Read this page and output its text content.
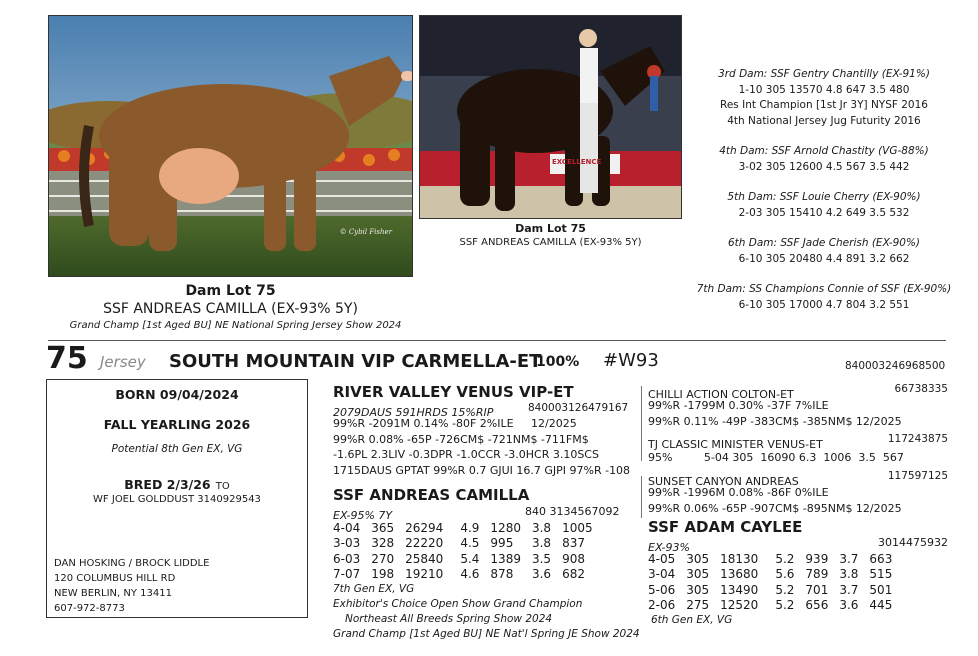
© Cybil Fisher
Dam Lot 75
SSF ANDREAS CAMILLA (EX-93% 5Y)
Grand Champ [1st Aged BU] NE National Spring Jersey Show 2024
EXCELLENCE
Dam Lot 75
SSF ANDREAS CAMILLA (EX-93% 5Y)
3rd Dam: SSF Gentry Chantilly (EX-91%)
1-10 305 13570 4.8 647 3.5 480
Res Int Champion [1st Jr 3Y] NYSF 2016
4th National Jersey Jug Futurity 2016
4th Dam: SSF Arnold Chastity (VG-88%)
3-02 305 12600 4.5 567 3.5 442
5th Dam: SSF Louie Cherry (EX-90%)
2-03 305 15410 4.2 649 3.5 532
6th Dam: SSF Jade Cherish (EX-90%)
6-10 305 20480 4.4 891 3.2 662
7th Dam: SS Champions Connie of SSF (EX-90%)
6-10 305 17000 4.7 804 3.2 551
75 Jersey SOUTH MOUNTAIN VIP CARMELLA-ET
100% #W93	840003246968500
BORN 09/04/2024
FALL YEARLING 2026
Potential 8th Gen EX, VG
BRED 2/3/26 TO
WF JOEL GOLDDUST 3140929543
DAN HOSKING / BROCK LIDDLE
120 COLUMBUS HILL RD
NEW BERLIN, NY 13411
607-972-8773
RIVER VALLEY VENUS VIP-ET
2079DAUS 591HRDS 15%RIP	840003126479167
99%R -2091M 0.14% -80F 2%ILE     12/2025
99%R 0.08% -65P -726CM$ -721NM$ -711FM$
-1.6PL 2.3LIV -0.3DPR -1.0CCR -3.0HCR 3.10SCS
1715DAUS GPTAT 99%R 0.7 GJUI 16.7 GJPI 97%R -108
SSF ANDREAS CAMILLA
EX-95% 7Y	840 3134567092
4-04	365	26294	4.9	1280	3.8	1005
3-03	328	22220	4.5	995	3.8	837
6-03	270	25840	5.4	1389	3.5	908
7-07	198	19210	4.6	878	3.6	682
7th Gen EX, VG
Exhibitor's Choice Open Show Grand Champion
Northeast All Breeds Spring Show 2024
Grand Champ [1st Aged BU] NE Nat'l Spring JE Show 2024
CHILLI ACTION COLTON-ET	66738335
99%R -1799M 0.30% -37F 7%ILE
99%R 0.11% -49P -383CM$ -385NM$ 12/2025
TJ CLASSIC MINISTER VENUS-ET	117243875
95%         5-04 305  16090 6.3  1006  3.5  567
SUNSET CANYON ANDREAS	117597125
99%R -1996M 0.08% -86F 0%ILE
99%R 0.06% -65P -907CM$ -895NM$ 12/2025
SSF ADAM CAYLEE
EX-93%	3014475932
4-05	305	18130	5.2	939	3.7	663
3-04	305	13680	5.6	789	3.8	515
5-06	305	13490	5.2	701	3.7	501
2-06	275	12520	5.2	656	3.6	445
6th Gen EX, VG
